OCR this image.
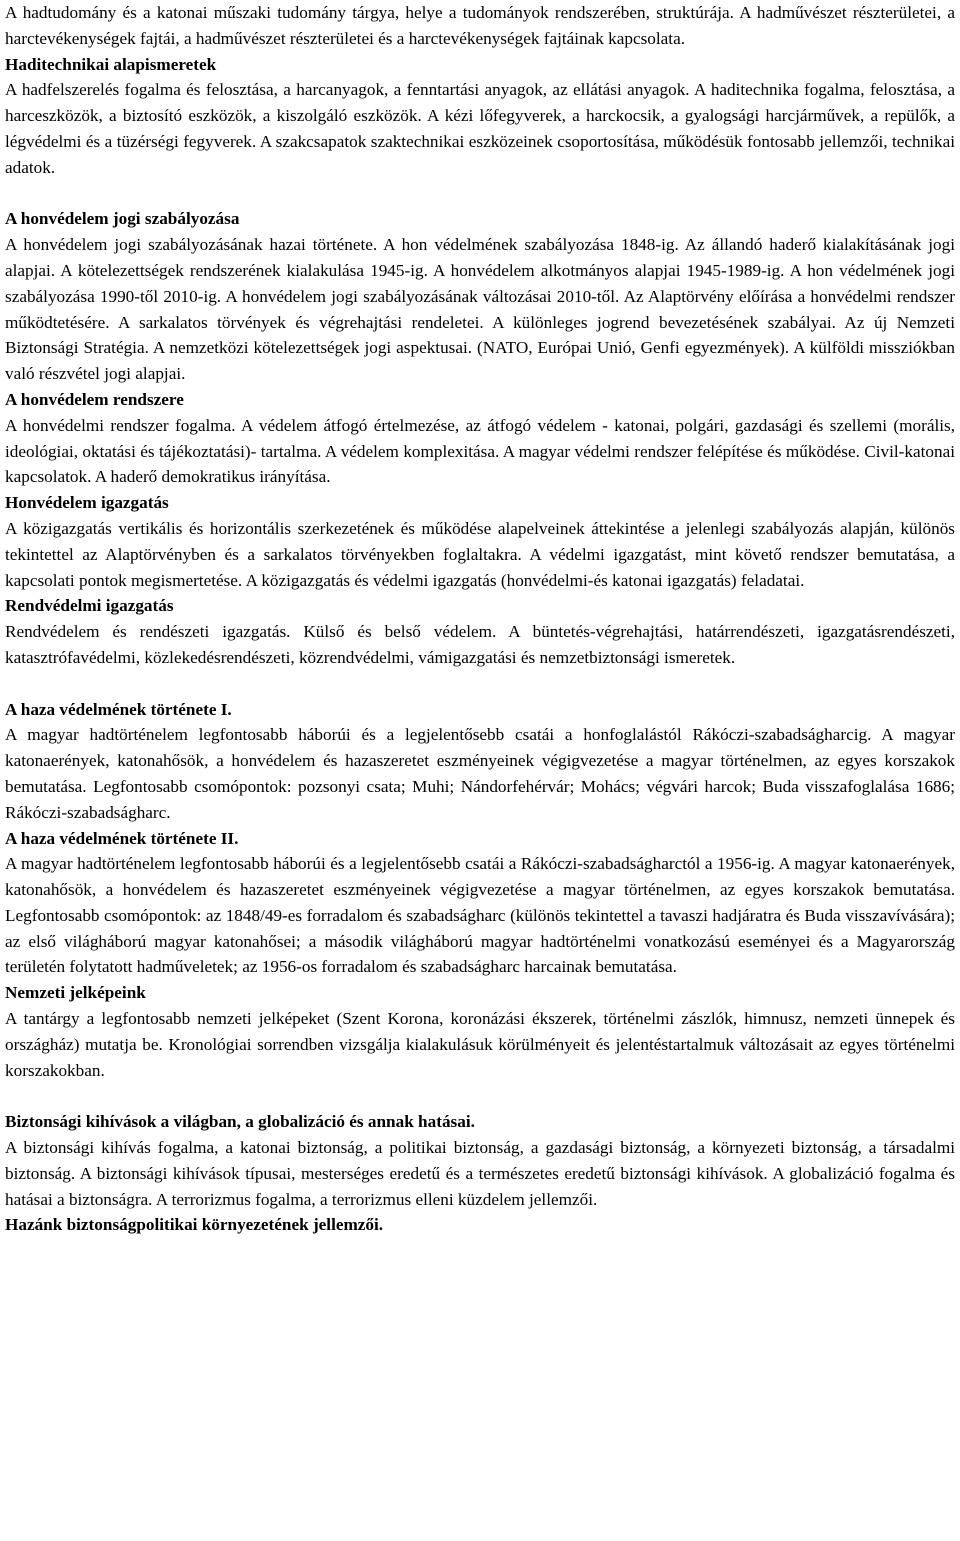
A hadtudomány és a katonai műszaki tudomány tárgya, helye a tudományok rendszerében, struktúrája. A hadművészet részterületei, a harctevékenységek fajtái, a hadművészet részterületei és a harctevékenységek fajtáinak kapcsolata.

Haditechnikai alapismeretek

A hadfelszerelés fogalma és felosztása, a harcanyagok, a fenntartási anyagok, az ellátási anyagok. A haditechnika fogalma, felosztása, a harceszközök, a biztosító eszközök, a kiszolgáló eszközök. A kézi lőfegyverek, a harckocsik, a gyalogsági harcjárművek, a repülők, a légvédelmi és a tüzérségi fegyverek. A szakcsapatok szaktechnikai eszközeinek csoportosítása, működésük fontosabb jellemzői, technikai adatok.

A honvédelem jogi szabályozása

A honvédelem jogi szabályozásának hazai története. A hon védelmének szabályozása 1848-ig. Az állandó haderő kialakításának jogi alapjai. A kötelezettségek rendszerének kialakulása 1945-ig. A honvédelem alkotmányos alapjai 1945-1989-ig. A hon védelmének jogi szabályozása 1990-től 2010-ig. A honvédelem jogi szabályozásának változásai 2010-től. Az Alaptörvény előírása a honvédelmi rendszer működtetésére. A sarkalatos törvények és végrehajtási rendeletei. A különleges jogrend bevezetésének szabályai. Az új Nemzeti Biztonsági Stratégia. A nemzetközi kötelezettségek jogi aspektusai. (NATO, Európai Unió, Genfi egyezmények). A külföldi missziókban való részvétel jogi alapjai.

A honvédelem rendszere

A honvédelmi rendszer fogalma. A védelem átfogó értelmezése, az átfogó védelem - katonai, polgári, gazdasági és szellemi (morális, ideológiai, oktatási és tájékoztatási)- tartalma. A védelem komplexitása. A magyar védelmi rendszer felépítése és működése. Civil-katonai kapcsolatok. A haderő demokratikus irányítása.

Honvédelem igazgatás

A közigazgatás vertikális és horizontális szerkezetének és működése alapelveinek áttekintése a jelenlegi szabályozás alapján, különös tekintettel az Alaptörvényben és a sarkalatos törvényekben foglaltakra. A védelmi igazgatást, mint követő rendszer bemutatása, a kapcsolati pontok megismertetése. A közigazgatás és védelmi igazgatás (honvédelmi-és katonai igazgatás) feladatai.

Rendvédelmi igazgatás

Rendvédelem és rendészeti igazgatás. Külső és belső védelem. A büntetés-végrehajtási, határrendészeti, igazgatásrendészeti, katasztrófavédelmi, közlekedésrendészeti, közrendvédelmi, vámigazgatási és nemzetbiztonsági ismeretek.

A haza védelmének története I.

A magyar hadtörténelem legfontosabb háborúi és a legjelentősebb csatái a honfoglalástól Rákóczi-szabadságharcig. A magyar katonaerények, katonahősök, a honvédelem és hazaszeretet eszményeinek végigvezetése a magyar történelmen, az egyes korszakok bemutatása. Legfontosabb csomópontok: pozsonyi csata; Muhi; Nándorfehérvár; Mohács; végvári harcok; Buda visszafoglalása 1686; Rákóczi-szabadságharc.

A haza védelmének története II.

A magyar hadtörténelem legfontosabb háborúi és a legjelentősebb csatái a Rákóczi-szabadságharctól a 1956-ig. A magyar katonaerények, katonahősök, a honvédelem és hazaszeretet eszményeinek végigvezetése a magyar történelmen, az egyes korszakok bemutatása. Legfontosabb csomópontok: az 1848/49-es forradalom és szabadságharc (különös tekintettel a tavaszi hadjáratra és Buda visszavívására); az első világháború magyar katonahősei; a második világháború magyar hadtörténelmi vonatkozású eseményei és a Magyarország területén folytatott hadműveletek; az 1956-os forradalom és szabadságharc harcainak bemutatása.

Nemzeti jelképeink

A tantárgy a legfontosabb nemzeti jelképeket (Szent Korona, koronázási ékszerek, történelmi zászlók, himnusz, nemzeti ünnepek és országház) mutatja be. Kronológiai sorrendben vizsgálja kialakulásuk körülményeit és jelentéstartalmuk változásait az egyes történelmi korszakokban.

Biztonsági kihívások a világban, a globalizáció és annak hatásai.

A biztonsági kihívás fogalma, a katonai biztonság, a politikai biztonság, a gazdasági biztonság, a környezeti biztonság, a társadalmi biztonság. A biztonsági kihívások típusai, mesterséges eredetű és a természetes eredetű biztonsági kihívások. A globalizáció fogalma és hatásai a biztonságra. A terrorizmus fogalma, a terrorizmus elleni küzdelem jellemzői.

Hazánk biztonságpolitikai környezetének jellemzői.
